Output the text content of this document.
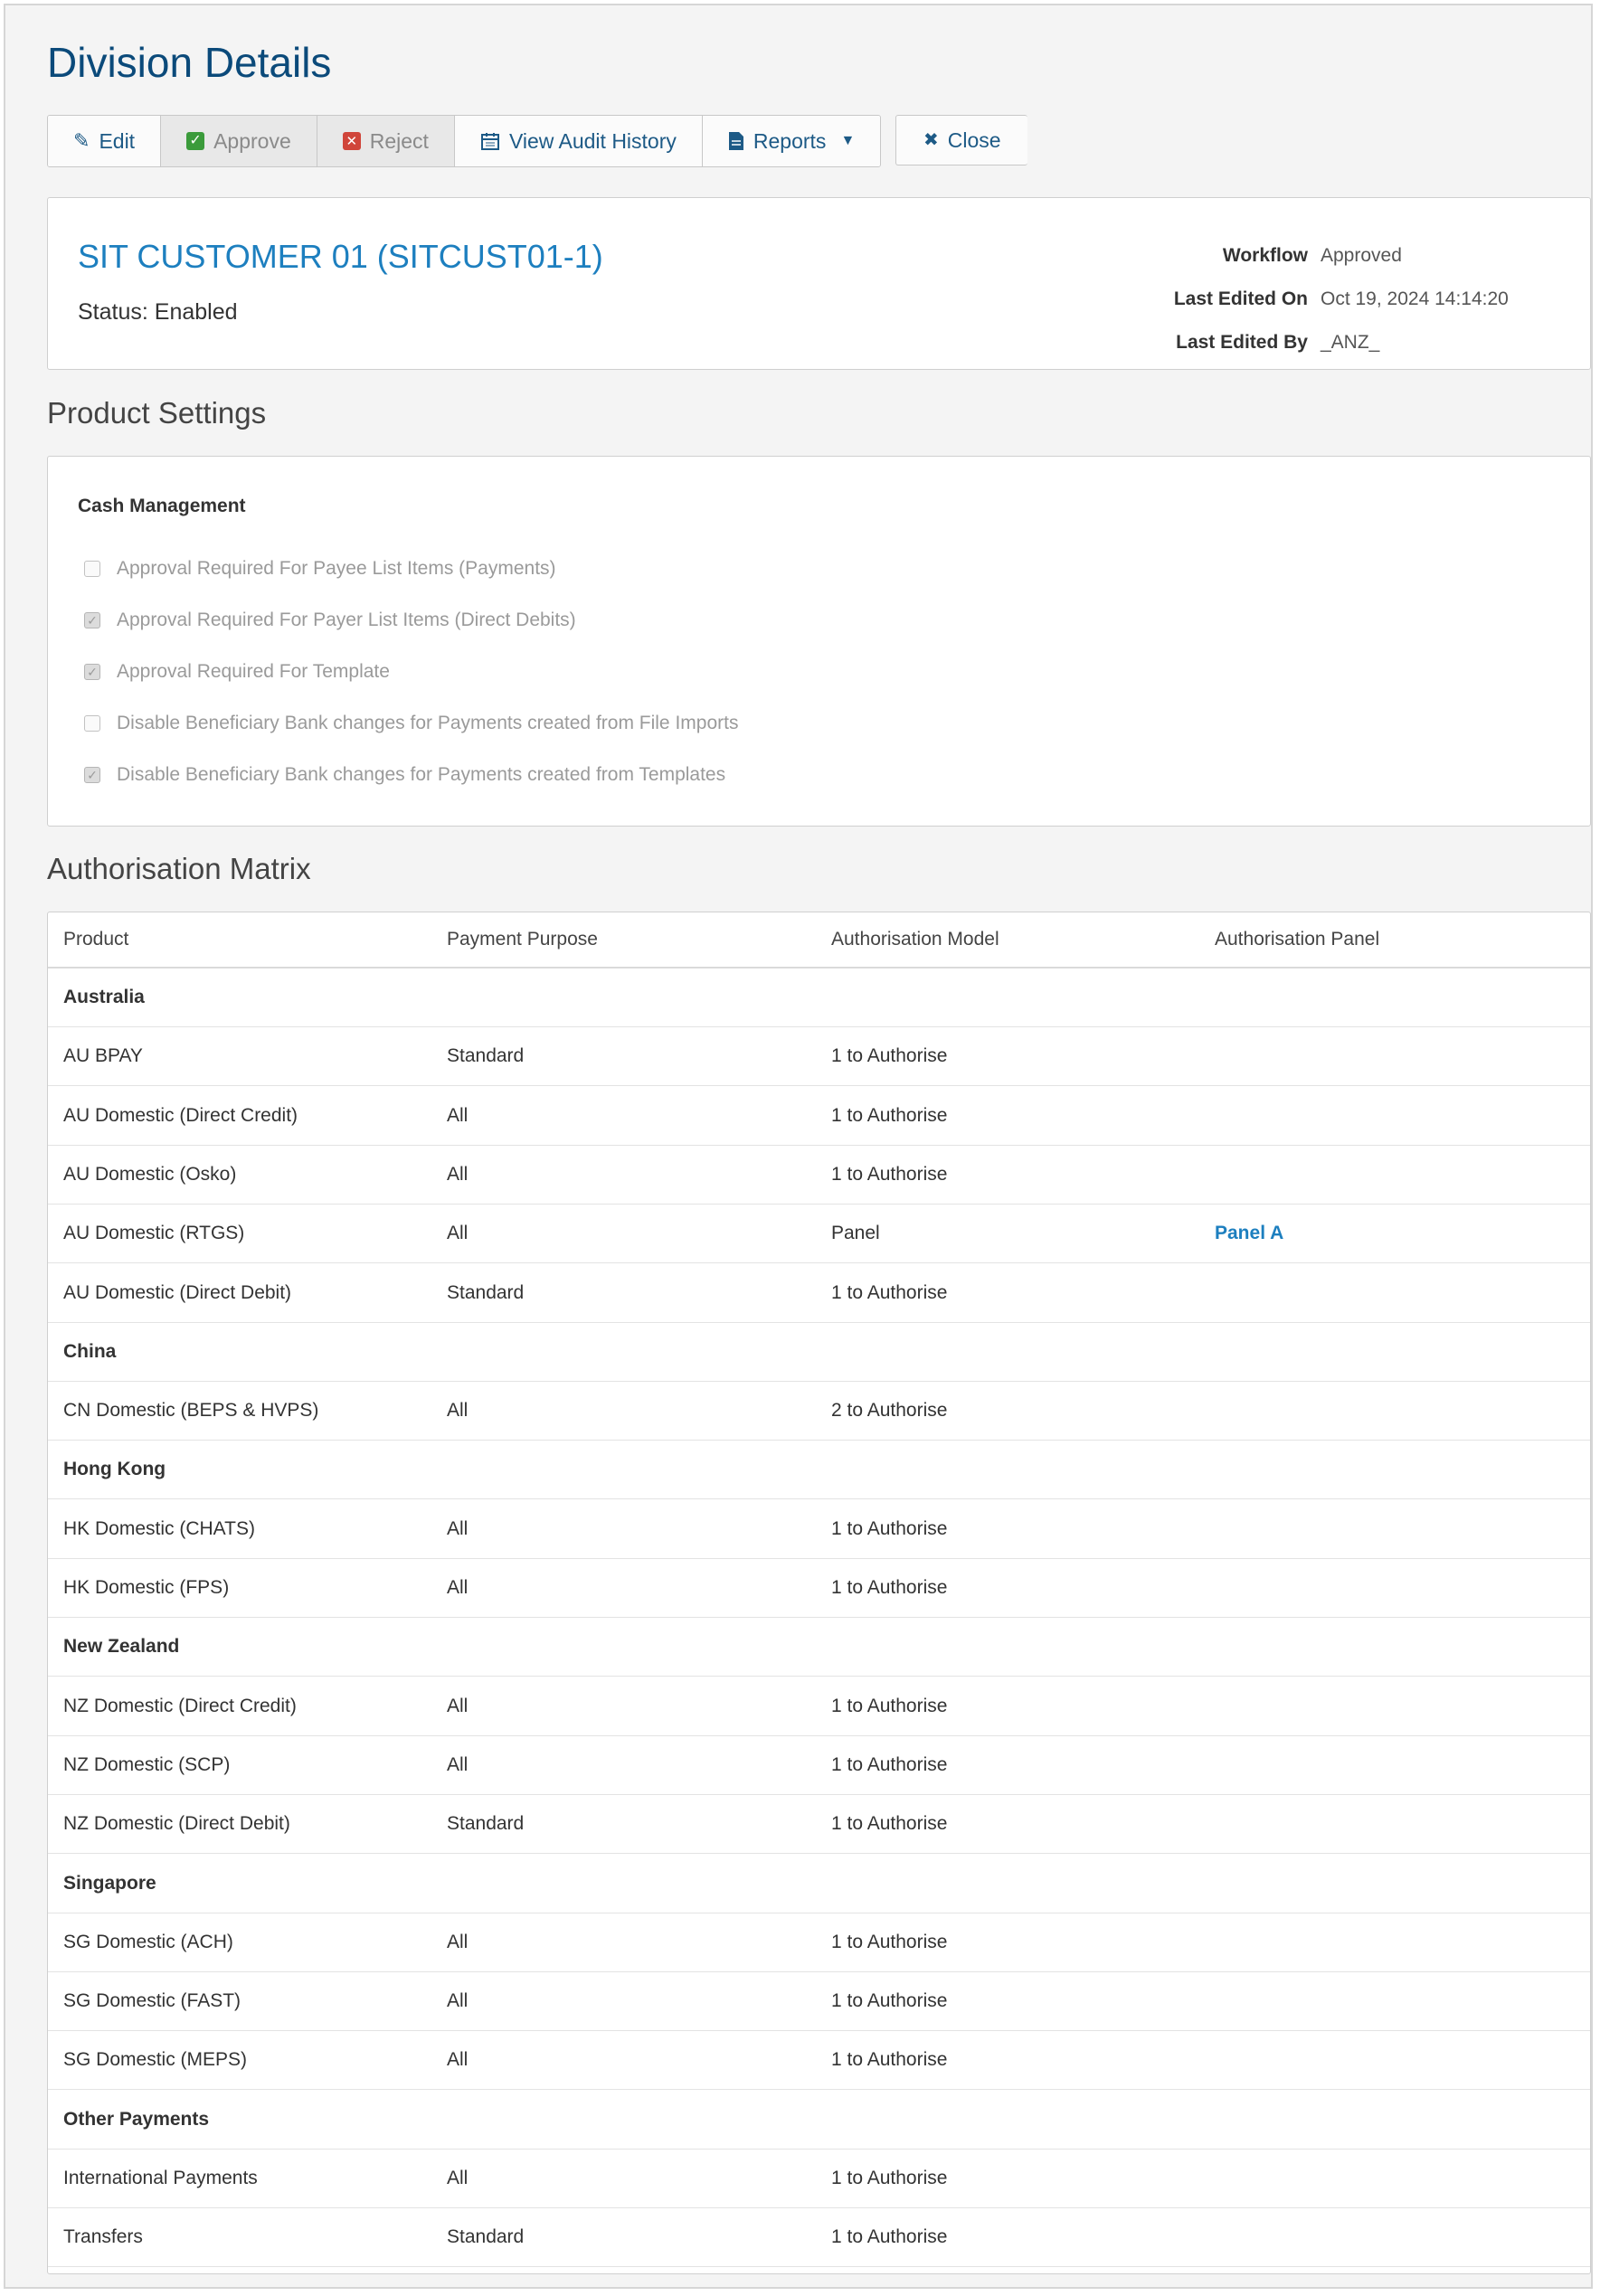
Division Details
✎ Edit	✓ Approve	✕ Reject	View Audit History	Reports ▼	✖ Close
SIT CUSTOMER 01 (SITCUST01-1)
Status: Enabled
Workflow Approved
Last Edited On Oct 19, 2024 14:14:20
Last Edited By _ANZ_
Product Settings
Cash Management
Approval Required For Payee List Items (Payments)
✓ Approval Required For Payer List Items (Direct Debits)
✓ Approval Required For Template
Disable Beneficiary Bank changes for Payments created from File Imports
✓ Disable Beneficiary Bank changes for Payments created from Templates
Authorisation Matrix
Product	Payment Purpose	Authorisation Model	Authorisation Panel
Australia
AU BPAY	Standard	1 to Authorise
AU Domestic (Direct Credit)	All	1 to Authorise
AU Domestic (Osko)	All	1 to Authorise
AU Domestic (RTGS)	All	Panel	Panel A
AU Domestic (Direct Debit)	Standard	1 to Authorise
China
CN Domestic (BEPS & HVPS)	All	2 to Authorise
Hong Kong
HK Domestic (CHATS)	All	1 to Authorise
HK Domestic (FPS)	All	1 to Authorise
New Zealand
NZ Domestic (Direct Credit)	All	1 to Authorise
NZ Domestic (SCP)	All	1 to Authorise
NZ Domestic (Direct Debit)	Standard	1 to Authorise
Singapore
SG Domestic (ACH)	All	1 to Authorise
SG Domestic (FAST)	All	1 to Authorise
SG Domestic (MEPS)	All	1 to Authorise
Other Payments
International Payments	All	1 to Authorise
Transfers	Standard	1 to Authorise
